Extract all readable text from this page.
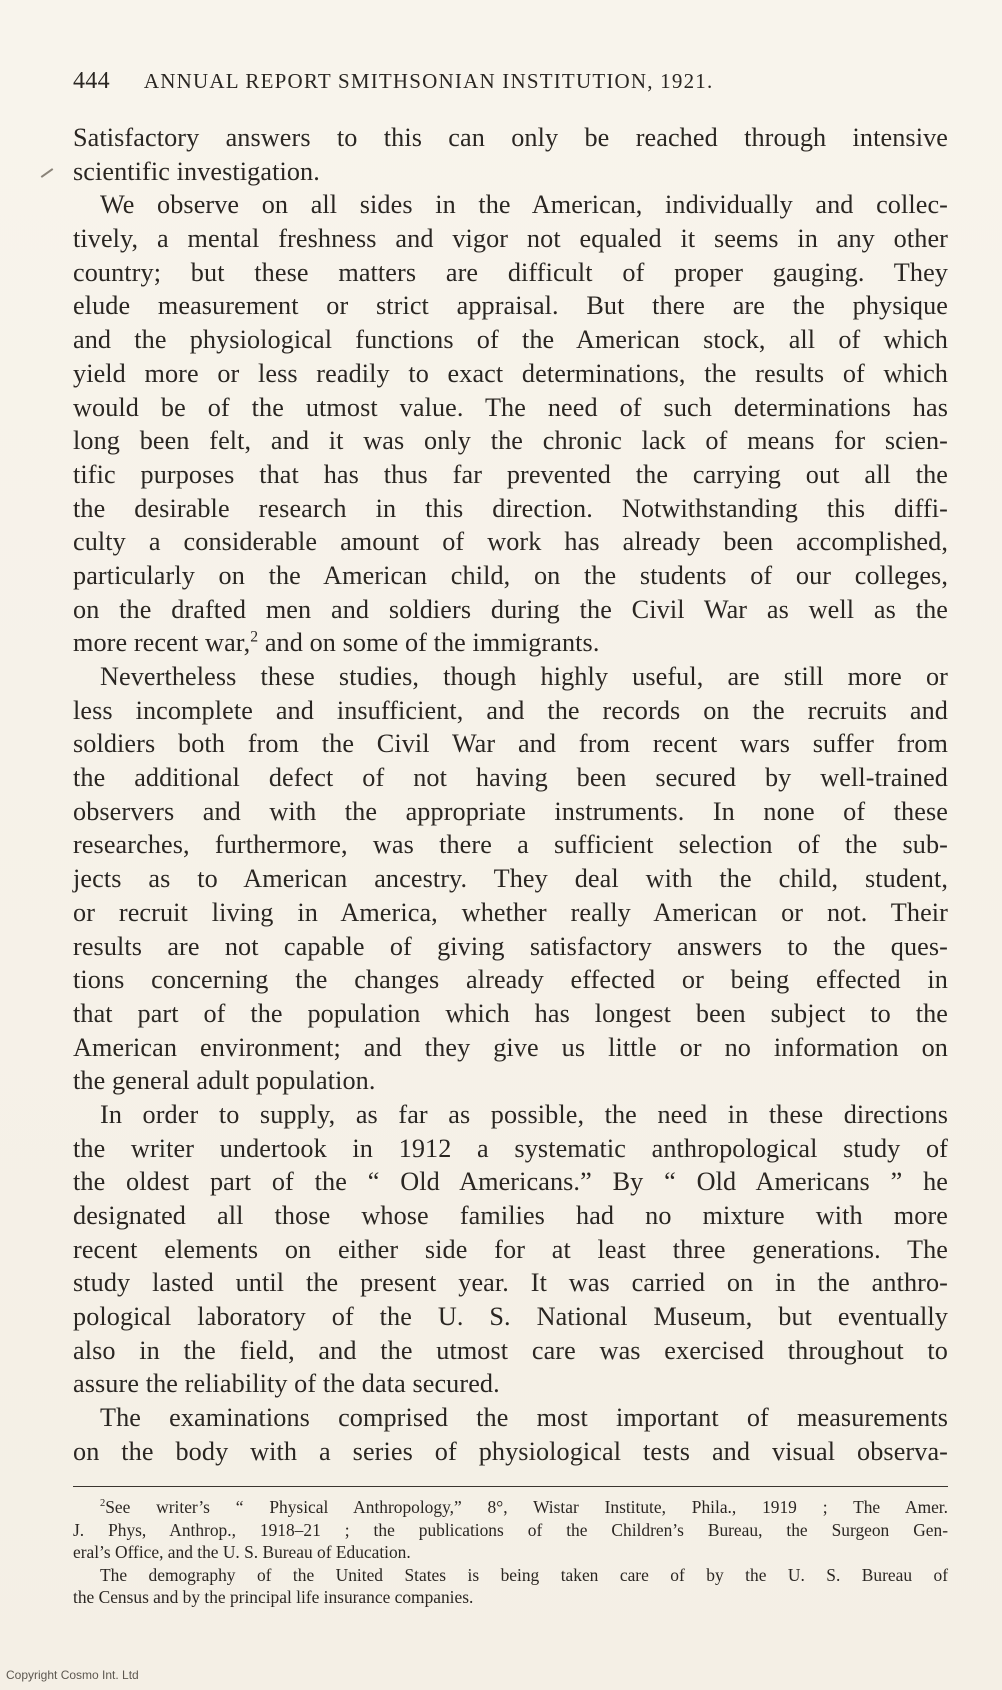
444 ANNUAL REPORT SMITHSONIAN INSTITUTION, 1921.
Satisfactory answers to this can only be reached through intensive
scientific investigation.
We observe on all sides in the American, individually and collec-
tively, a mental freshness and vigor not equaled it seems in any other
country; but these matters are difficult of proper gauging. They
elude measurement or strict appraisal. But there are the physique
and the physiological functions of the American stock, all of which
yield more or less readily to exact determinations, the results of which
would be of the utmost value. The need of such determinations has
long been felt, and it was only the chronic lack of means for scien-
tific purposes that has thus far prevented the carrying out all the
the desirable research in this direction. Notwithstanding this diffi-
culty a considerable amount of work has already been accomplished,
particularly on the American child, on the students of our colleges,
on the drafted men and soldiers during the Civil War as well as the
more recent war,$^2$ and on some of the immigrants.
Nevertheless these studies, though highly useful, are still more or
less incomplete and insufficient, and the records on the recruits and
soldiers both from the Civil War and from recent wars suffer from
the additional defect of not having been secured by well-trained
observers and with the appropriate instruments. In none of these
researches, furthermore, was there a sufficient selection of the sub-
jects as to American ancestry. They deal with the child, student,
or recruit living in America, whether really American or not. Their
results are not capable of giving satisfactory answers to the ques-
tions concerning the changes already effected or being effected in
that part of the population which has longest been subject to the
American environment; and they give us little or no information on
the general adult population.
In order to supply, as far as possible, the need in these directions
the writer undertook in 1912 a systematic anthropological study of
the oldest part of the “ Old Americans.” By “ Old Americans ” he
designated all those whose families had no mixture with more
recent elements on either side for at least three generations. The
study lasted until the present year. It was carried on in the anthro-
pological laboratory of the U. S. National Museum, but eventually
also in the field, and the utmost care was exercised throughout to
assure the reliability of the data secured.
The examinations comprised the most important of measurements
on the body with a series of physiological tests and visual observa-
$^2$See writer’s “ Physical Anthropology,” 8°, Wistar Institute, Phila., 1919 ; The Amer.
J. Phys, Anthrop., 1918–21 ; the publications of the Children’s Bureau, the Surgeon Gen-
eral’s Office, and the U. S. Bureau of Education.
The demography of the United States is being taken care of by the U. S. Bureau of
the Census and by the principal life insurance companies.
Copyright Cosmo Int. Ltd
